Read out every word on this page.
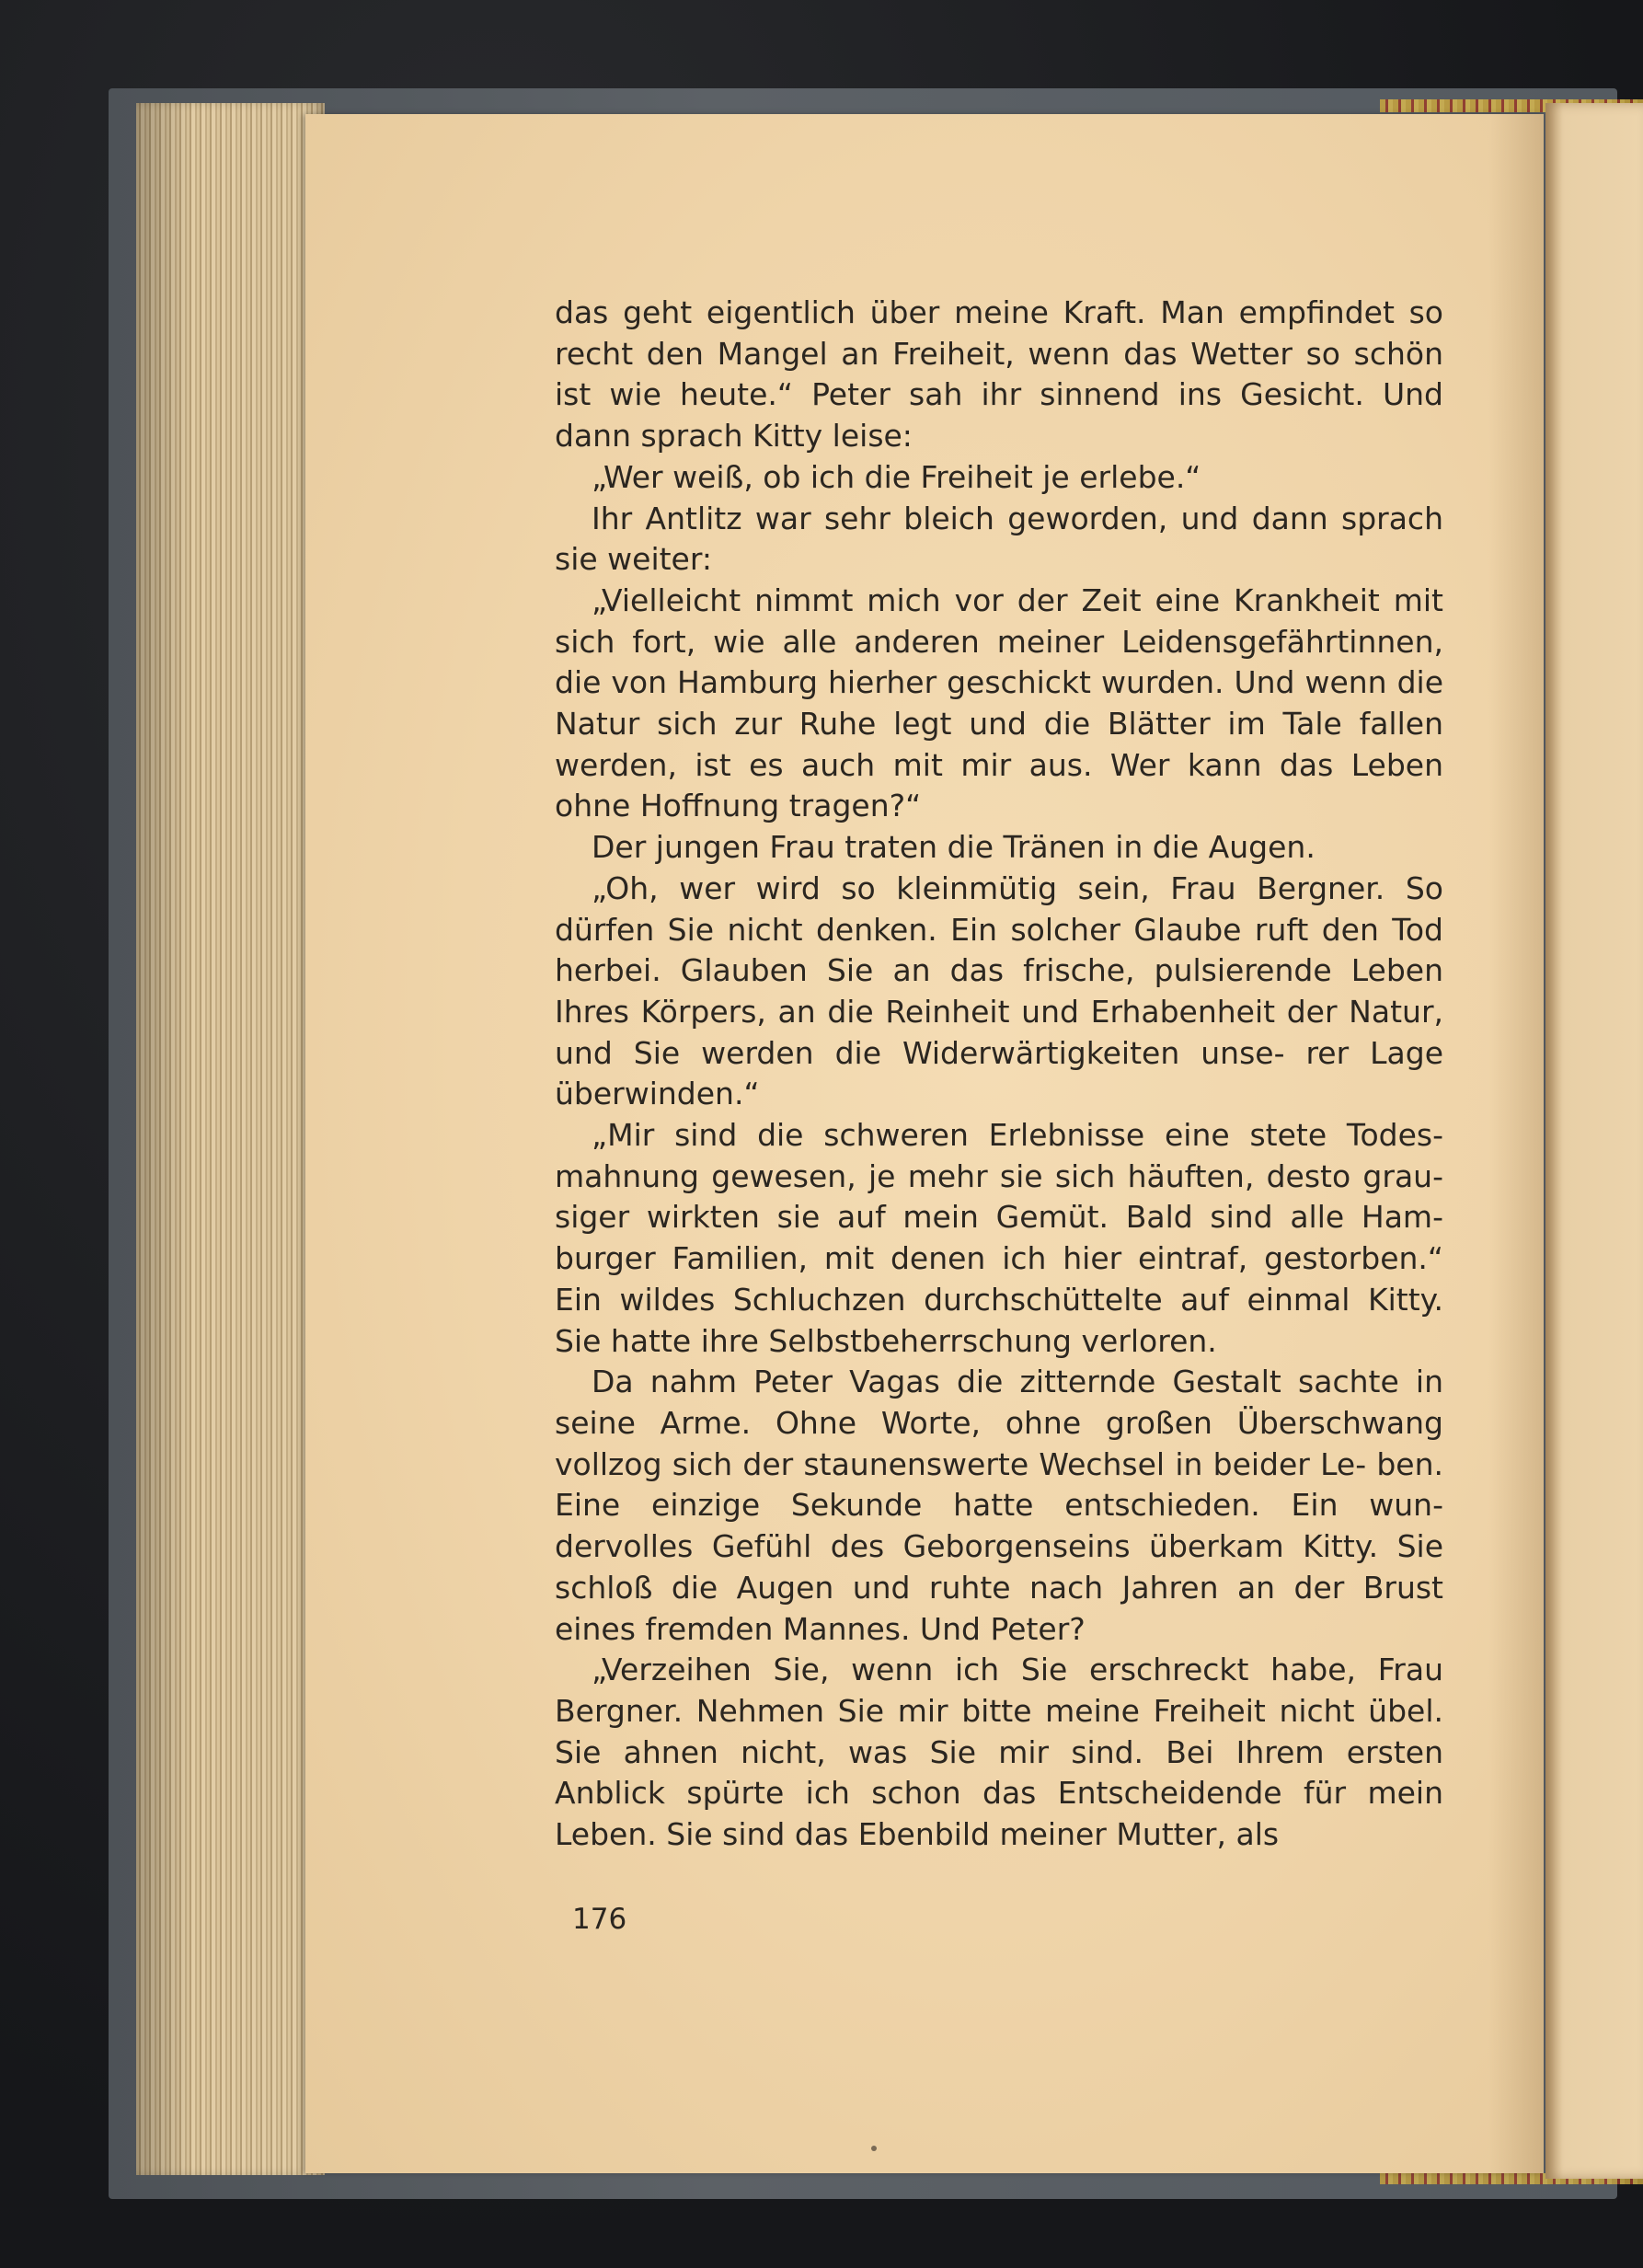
das geht eigentlich über meine Kraft. Man empfindet so recht den Mangel an Freiheit, wenn das Wetter so schön ist wie heute.“ Peter sah ihr sinnend ins Gesicht. Und dann sprach Kitty leise:

„Wer weiß, ob ich die Freiheit je erlebe.“

Ihr Antlitz war sehr bleich geworden, und dann sprach sie weiter:

„Vielleicht nimmt mich vor der Zeit eine Krankheit mit sich fort, wie alle anderen meiner Leidensgefährtinnen, die von Hamburg hierher geschickt wurden. Und wenn die Natur sich zur Ruhe legt und die Blätter im Tale fallen werden, ist es auch mit mir aus. Wer kann das Leben ohne Hoffnung tragen?“

Der jungen Frau traten die Tränen in die Augen.

„Oh, wer wird so kleinmütig sein, Frau Bergner. So dürfen Sie nicht denken. Ein solcher Glaube ruft den Tod herbei. Glauben Sie an das frische, pulsierende Leben Ihres Körpers, an die Reinheit und Erhabenheit der Natur, und Sie werden die Widerwärtigkeiten unse- rer Lage überwinden.“

„Mir sind die schweren Erlebnisse eine stete Todes- mahnung gewesen, je mehr sie sich häuften, desto grau- siger wirkten sie auf mein Gemüt. Bald sind alle Ham- burger Familien, mit denen ich hier eintraf, gestorben.“ Ein wildes Schluchzen durchschüttelte auf einmal Kitty. Sie hatte ihre Selbstbeherrschung verloren.

Da nahm Peter Vagas die zitternde Gestalt sachte in seine Arme. Ohne Worte, ohne großen Überschwang vollzog sich der staunenswerte Wechsel in beider Le- ben. Eine einzige Sekunde hatte entschieden. Ein wun- dervolles Gefühl des Geborgenseins überkam Kitty. Sie schloß die Augen und ruhte nach Jahren an der Brust eines fremden Mannes. Und Peter?

„Verzeihen Sie, wenn ich Sie erschreckt habe, Frau Bergner. Nehmen Sie mir bitte meine Freiheit nicht übel. Sie ahnen nicht, was Sie mir sind. Bei Ihrem ersten Anblick spürte ich schon das Entscheidende für mein Leben. Sie sind das Ebenbild meiner Mutter, als

176
